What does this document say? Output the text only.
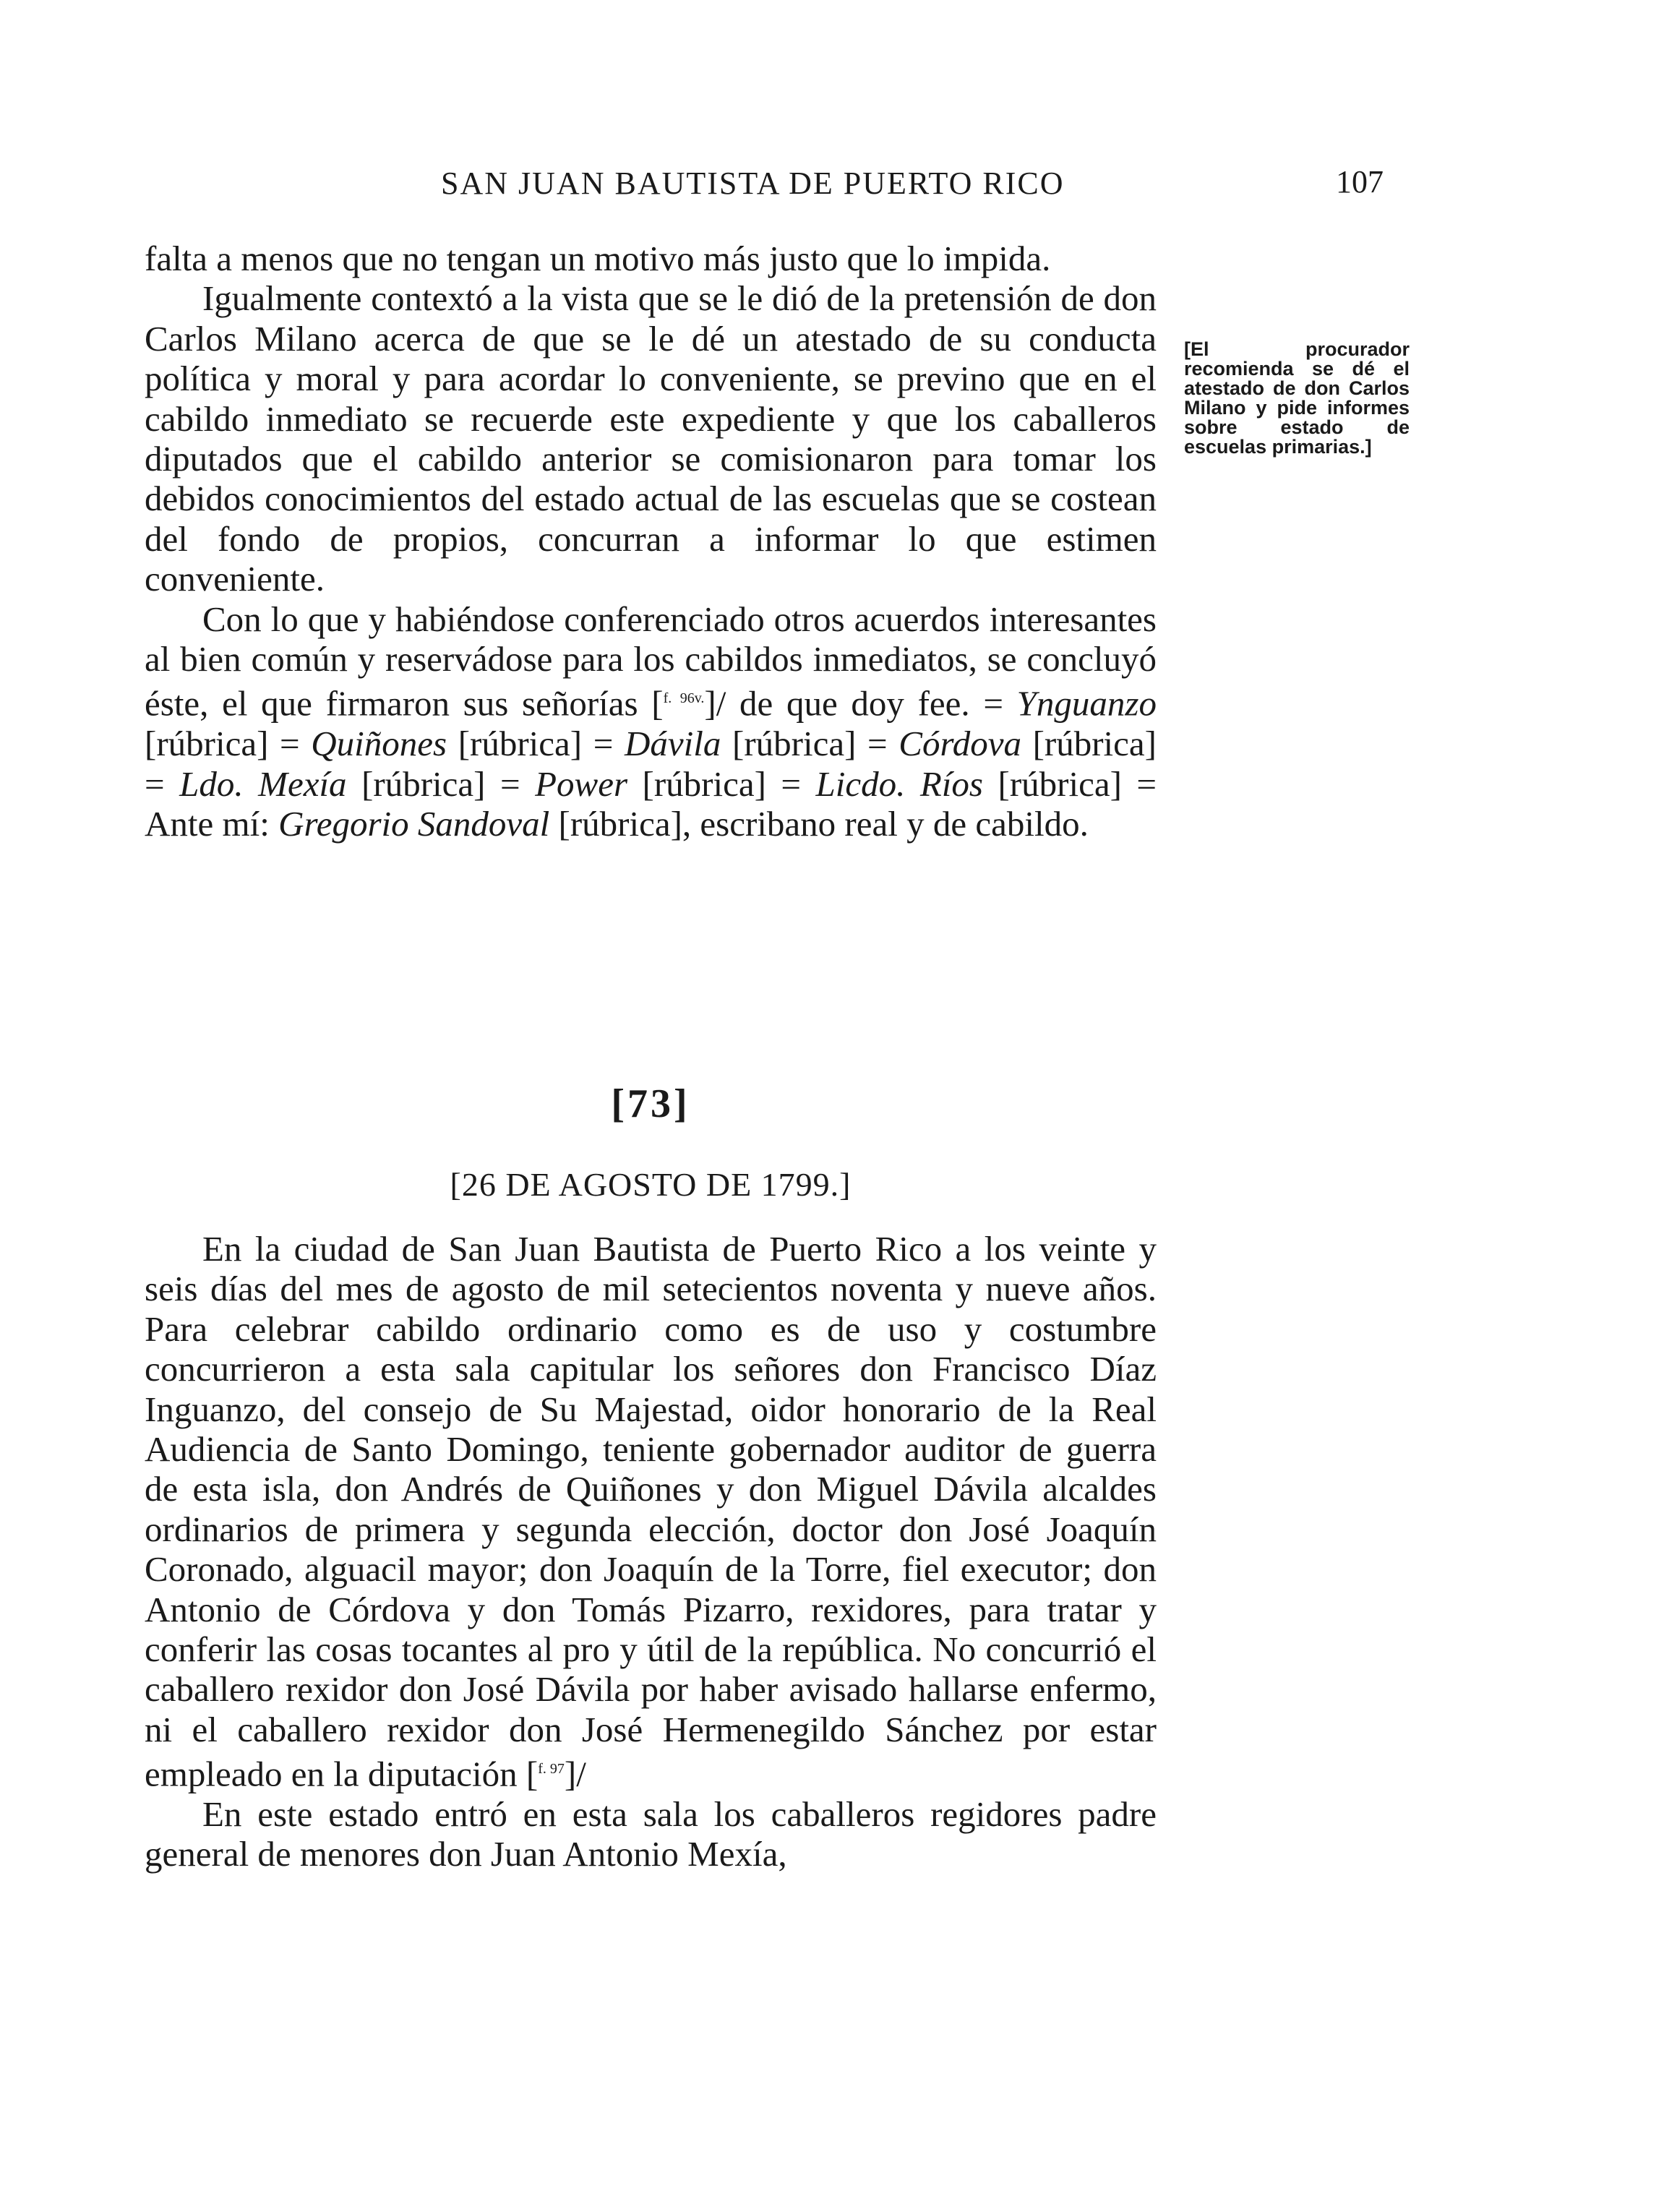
SAN JUAN BAUTISTA DE PUERTO RICO	107

falta a menos que no tengan un motivo más justo que lo impida.

Igualmente contextó a la vista que se le dió de la pretensión de don Carlos Milano acerca de que se le dé un atestado de su conducta política y moral y para acordar lo conveniente, se previno que en el cabildo inmediato se recuerde este expediente y que los caballeros diputados que el cabildo anterior se comisionaron para tomar los debidos conocimientos del estado actual de las escuelas que se costean del fondo de propios, concurran a informar lo que estimen conveniente.

Con lo que y habiéndose conferenciado otros acuerdos interesantes al bien común y reservádose para los cabildos inmediatos, se concluyó éste, el que firmaron sus señorías [$^{f. 96v.}$]/ de que doy fee. = Ynguanzo [rúbrica] = Quiñones [rúbrica] = Dávila [rúbrica] = Córdova [rúbrica] = Ldo. Mexía [rúbrica] = Power [rúbrica] = Licdo. Ríos [rúbrica] = Ante mí: Gregorio Sandoval [rúbrica], escribano real y de cabildo.

[El procurador recomienda se dé el atestado de don Carlos Milano y pide informes sobre estado de escuelas primarias.]
[73]
[26 DE AGOSTO DE 1799.]

En la ciudad de San Juan Bautista de Puerto Rico a los veinte y seis días del mes de agosto de mil setecientos noventa y nueve años. Para celebrar cabildo ordinario como es de uso y costumbre concurrieron a esta sala capitular los señores don Francisco Díaz Inguanzo, del consejo de Su Majestad, oidor honorario de la Real Audiencia de Santo Domingo, teniente gobernador auditor de guerra de esta isla, don Andrés de Quiñones y don Miguel Dávila alcaldes ordinarios de primera y segunda elección, doctor don José Joaquín Coronado, alguacil mayor; don Joaquín de la Torre, fiel executor; don Antonio de Córdova y don Tomás Pizarro, rexidores, para tratar y conferir las cosas tocantes al pro y útil de la república. No concurrió el caballero rexidor don José Dávila por haber avisado hallarse enfermo, ni el caballero rexidor don José Hermenegildo Sánchez por estar empleado en la diputación [$^{f. 97}$]/

En este estado entró en esta sala los caballeros regidores padre general de menores don Juan Antonio Mexía,
